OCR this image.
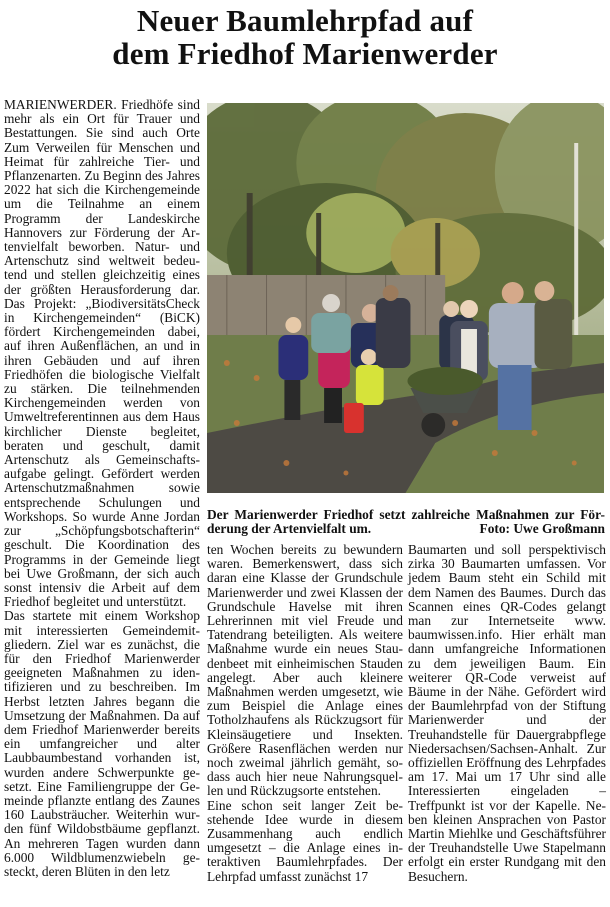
Neuer Baumlehrpfad auf
dem Friedhof Marienwerder

MARIENWERDER. Friedhöfe sind mehr als ein Ort für Trauer und Bestattungen. Sie sind auch Orte Zum Verweilen für Menschen und Heimat für zahlreiche Tier- und Pflanzenarten. Zu Beginn des Jahres 2022 hat sich die Kirchengemeinde um die Teilnahme an einem Programm der Landeskirche Hannovers zur Förderung der Artenvielfalt beworben. Natur- und Artenschutz sind weltweit bedeutend und stellen gleichzeitig eines der größten Herausforderung dar. Das Projekt: „BiodiversitätsCheck in Kirchengemeinden“ (BiCK) fördert Kirchengemeinden dabei, auf ihren Außenflächen, an und in ihren Gebäuden und auf ihren Friedhöfen die biologische Vielfalt zu stärken. Die teilnehmenden Kirchengemeinden werden von Umweltreferentinnen aus dem Haus kirchlicher Dienste begleitet, beraten und geschult, damit Artenschutz als Gemeinschaftsaufgabe gelingt. Gefördert werden Artenschutzmaßnahmen sowie entsprechende Schulungen und Workshops. So wurde Anne Jordan zur „Schöpfungsbotschafterin“ geschult. Die Koordination des Programms in der Gemeinde liegt bei Uwe Großmann, der sich auch sonst intensiv die Arbeit auf dem Friedhof begleitet und unterstützt.

Das startete mit einem Workshop mit interessierten Gemeindemitgliedern. Ziel war es zunächst, die für den Friedhof Marienwerder geeigneten Maßnahmen zu identifizieren und zu beschreiben. Im Herbst letzten Jahres begann die Umsetzung der Maßnahmen. Da auf dem Friedhof Marienwerder bereits ein umfangreicher und alter Laubbaumbestand vorhanden ist, wurden andere Schwerpunkte gesetzt. Eine Familiengruppe der Gemeinde pflanzte entlang des Zaunes 160 Laubsträucher. Weiterhin wurden fünf Wildobstbäume gepflanzt. An mehreren Tagen wurden dann 6.000 Wildblumenzwiebeln gesteckt, deren Blüten in den letz

Der Marienwerder Friedhof setzt zahlreiche Maßnahmen zur För-
derung der Artenvielfalt um.	Foto: Uwe Großmann

ten Wochen bereits zu bewundern waren. Bemerkenswert, dass sich daran eine Klasse der Grundschule Marienwerder und zwei Klassen der Grundschule Havelse mit ihren Lehrerinnen mit viel Freude und Tatendrang beteiligten. Als weitere Maßnahme wurde ein neues Staudenbeet mit einheimischen Stauden angelegt. Aber auch kleinere Maßnahmen werden umgesetzt, wie zum Beispiel die Anlage eines Totholzhaufens als Rückzugsort für Kleinsäugetiere und Insekten. Größere Rasenflächen werden nur noch zweimal jährlich gemäht, sodass auch hier neue Nahrungsquellen und Rückzugsorte entstehen.

Eine schon seit langer Zeit bestehende Idee wurde in diesem Zusammenhang auch endlich umgesetzt – die Anlage eines interaktiven Baumlehrpfades. Der Lehrpfad umfasst zunächst 17

Baumarten und soll perspektivisch zirka 30 Baumarten umfassen. Vor jedem Baum steht ein Schild mit dem Namen des Baumes. Durch das Scannen eines QR-Codes gelangt man zur Internetseite www. baumwissen.info. Hier erhält man dann umfangreiche Informationen zu dem jeweiligen Baum. Ein weiterer QR-Code verweist auf Bäume in der Nähe. Gefördert wird der Baumlehrpfad von der Stiftung Marienwerder und der Treuhandstelle für Dauergrabpflege Niedersachsen/Sachsen-Anhalt. Zur offiziellen Eröffnung des Lehrpfades am 17. Mai um 17 Uhr sind alle Interessierten eingeladen – Treffpunkt ist vor der Kapelle. Neben kleinen Ansprachen von Pastor Martin Miehlke und Geschäftsführer der Treuhandstelle Uwe Stapelmann erfolgt ein erster Rundgang mit den Besuchern.
